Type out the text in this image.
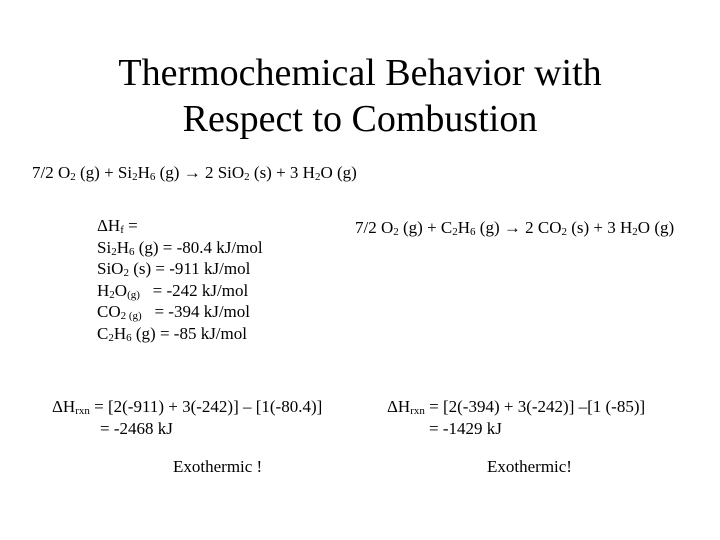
Thermochemical Behavior with
Respect to Combustion
7/2 $O_2$ $(g) + Si_2H_6$ (g) → 2 SiO$_2$ (s) + 3 $H_2O$ (g)
$\Delta H_f$ =
$Si_2H_6$ (g) = -80.4 kJ/mol
SiO$_2$ (s) = -911 kJ/mol
$H_2O_{(g)} = -242$ kJ/mol
$CO_{2 (g)} = -394$ kJ/mol
$C_2H_6$ (g) = -85 kJ/mol
7/2 $O_2$ $(g) + C_2H_6$ (g) → 2 $CO_2$ (s) + 3 $H_2O$ (g)
$\Delta H_{rxn} = [2(-911) + 3(-242)] - [1(-80.4)]$
= -2468 kJ
Exothermic !
$\Delta H_{rxn} = [2(-394) + 3(-242)]$ –[1 (-85)]
= -1429 kJ
Exothermic!
